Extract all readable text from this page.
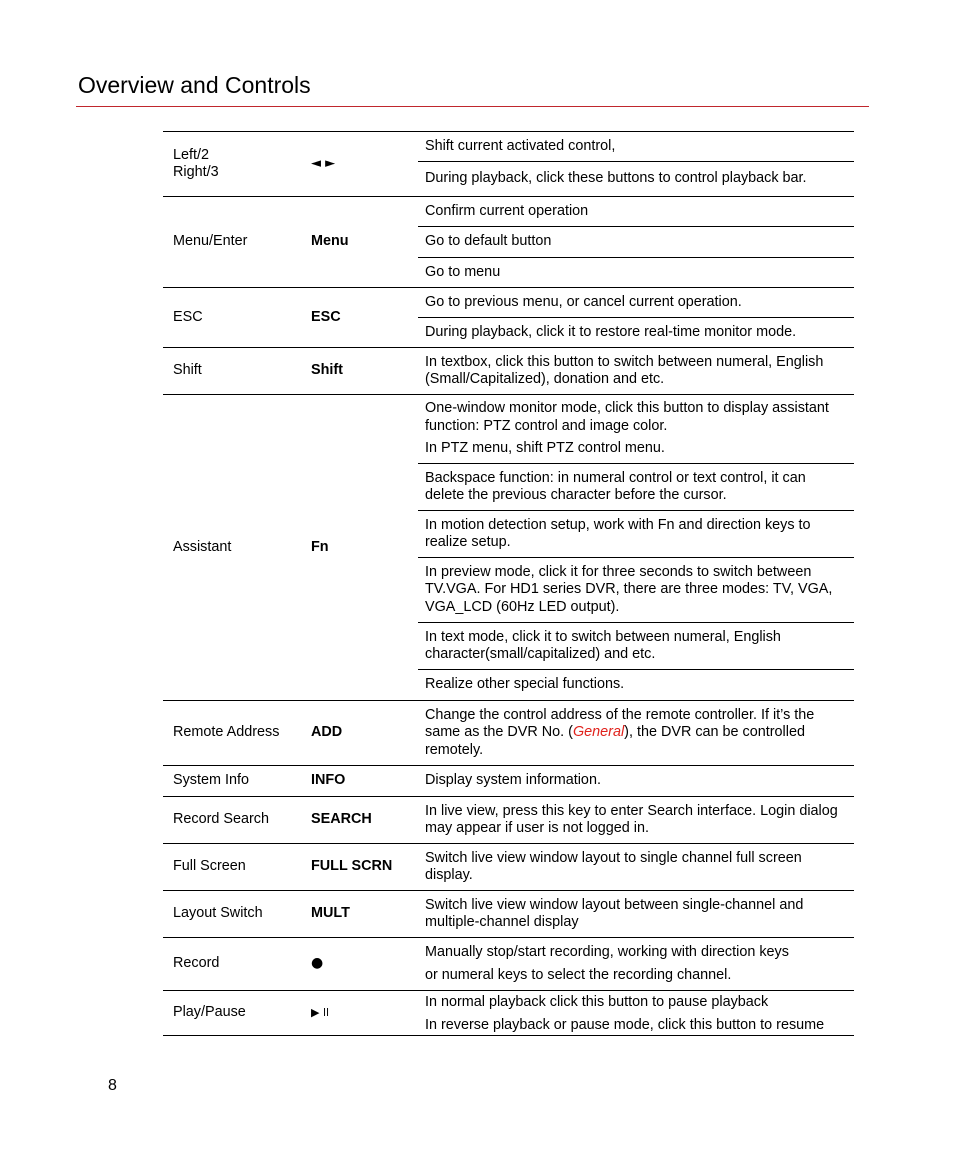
Overview and Controls
Left/2
Right/3	◄ ►	Shift current activated control,
		During playback, click these buttons to control playback bar.
Menu/Enter	Menu	Confirm current operation
		Go to default button
		Go to menu
ESC	ESC	Go to previous menu, or cancel current operation.
		During playback, click it to restore real-time monitor mode.
Shift	Shift	In textbox, click this button to switch between numeral, English (Small/Capitalized), donation and etc.
Assistant	Fn	One-window monitor mode, click this button to display assistant function: PTZ control and image color.
In PTZ menu, shift PTZ control menu.

		Backspace function: in numeral control or text control, it can delete the previous character before the cursor.
		In motion detection setup, work with Fn and direction keys to realize setup.
		In preview mode, click it for three seconds to switch between TV.VGA. For HD1 series DVR, there are three modes: TV, VGA, VGA_LCD (60Hz LED output).
		In text mode, click it to switch between numeral, English character(small/capitalized) and etc.
		Realize other special functions.
Remote Address	ADD	Change the control address of the remote controller. If it’s the same as the DVR No. (General), the DVR can be controlled remotely.
System Info	INFO	Display system information.
Record Search	SEARCH	In live view, press this key to enter Search interface. Login dialog may appear if user is not logged in.
Full Screen	FULL SCRN	Switch live view window layout to single channel full screen display.
Layout Switch	MULT	Switch live view window layout between single-channel and multiple-channel display
Record	●	Manually stop/start recording, working with direction keys
or numeral keys to select the recording channel.

Play/Pause	▶ ll	In normal playback click this button to pause playback
In reverse playback or pause mode, click this button to resume
8
